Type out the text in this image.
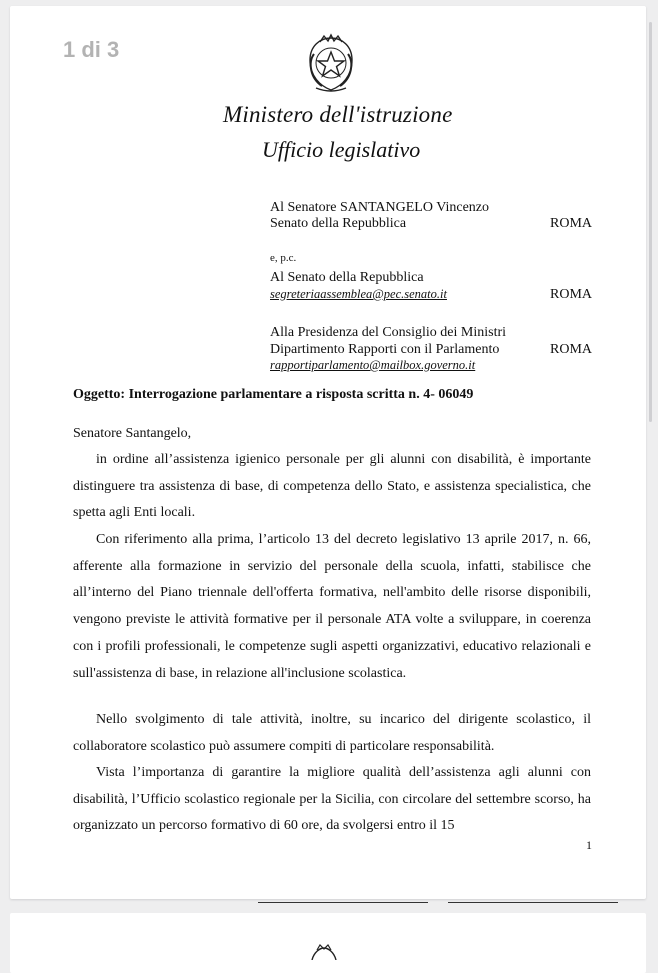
1 di 3
Ministero dell'istruzione
Ufficio legislativo
Al Senatore SANTANGELO Vincenzo
Senato della Repubblica	ROMA
e, p.c.
Al Senato della Repubblica
segreteriaassemblea@pec.senato.it	ROMA
Alla Presidenza del Consiglio dei Ministri
Dipartimento Rapporti con il Parlamento	ROMA
rapportiparlamento@mailbox.governo.it
Oggetto: Interrogazione parlamentare a risposta scritta n. 4- 06049
Senatore Santangelo,
in ordine all’assistenza igienico personale per gli alunni con disabilità, è importante distinguere tra assistenza di base, di competenza dello Stato, e assistenza specialistica, che spetta agli Enti locali.
Con riferimento alla prima, l’articolo 13 del decreto legislativo 13 aprile 2017, n. 66, afferente alla formazione in servizio del personale della scuola, infatti, stabilisce che all’interno del Piano triennale dell'offerta formativa, nell'ambito delle risorse disponibili, vengono previste le attività formative per il personale ATA volte a sviluppare, in coerenza con i profili professionali, le competenze sugli aspetti organizzativi, educativo relazionali e sull'assistenza di base, in relazione all'inclusione scolastica.
Nello svolgimento di tale attività, inoltre, su incarico del dirigente scolastico, il collaboratore scolastico può assumere compiti di particolare responsabilità.
Vista l’importanza di garantire la migliore qualità dell’assistenza agli alunni con disabilità, l’Ufficio scolastico regionale per la Sicilia, con circolare del settembre scorso, ha organizzato un percorso formativo di 60 ore, da svolgersi entro il 15
1
